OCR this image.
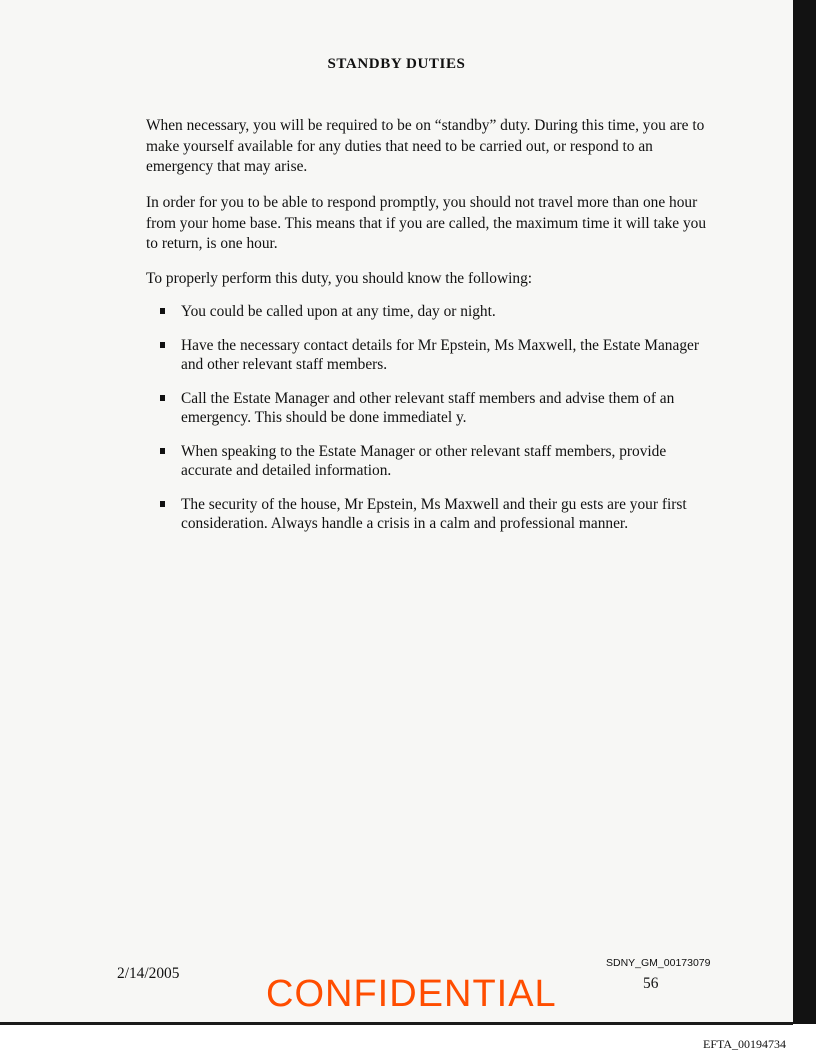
STANDBY DUTIES

When necessary, you will be required to be on “standby” duty. During this time, you are to make yourself available for any duties that need to be carried out, or respond to an emergency that may arise.

In order for you to be able to respond promptly, you should not travel more than one hour from your home base. This means that if you are called, the maximum time it will take you to return, is one hour.

To properly perform this duty, you should know the following:

You could be called upon at any time, day or night.
Have the necessary contact details for Mr Epstein, Ms Maxwell, the Estate Manager and other relevant staff members.
Call the Estate Manager and other relevant staff members and advise them of an emergency. This should be done immediatel y.
When speaking to the Estate Manager or other relevant staff members, provide accurate and detailed information.
The security of the house, Mr Epstein, Ms Maxwell and their gu ests are your first consideration. Always handle a crisis in a calm and professional manner.

2/14/2005

SDNY_GM_00173079

56

CONFIDENTIAL

EFTA_00194734
